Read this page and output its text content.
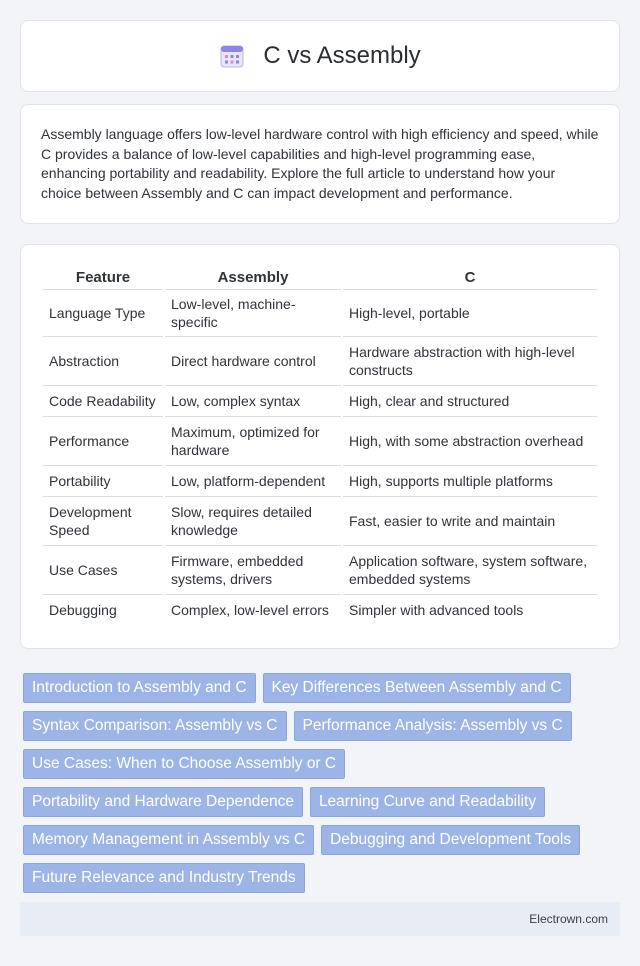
C vs Assembly

Assembly language offers low-level hardware control with high efficiency and speed, while C provides a balance of low-level capabilities and high-level programming ease, enhancing portability and readability. Explore the full article to understand how your choice between Assembly and C can impact development and performance.

Feature	Assembly	C
Language Type	Low-level, machine-specific	High-level, portable
Abstraction	Direct hardware control	Hardware abstraction with high-level constructs
Code Readability	Low, complex syntax	High, clear and structured
Performance	Maximum, optimized for hardware	High, with some abstraction overhead
Portability	Low, platform-dependent	High, supports multiple platforms
Development Speed	Slow, requires detailed knowledge	Fast, easier to write and maintain
Use Cases	Firmware, embedded systems, drivers	Application software, system software, embedded systems
Debugging	Complex, low-level errors	Simpler with advanced tools
Introduction to Assembly and C	Key Differences Between Assembly and C
Syntax Comparison: Assembly vs C	Performance Analysis: Assembly vs C
Use Cases: When to Choose Assembly or C
Portability and Hardware Dependence	Learning Curve and Readability
Memory Management in Assembly vs C	Debugging and Development Tools
Future Relevance and Industry Trends
Electrown.com
